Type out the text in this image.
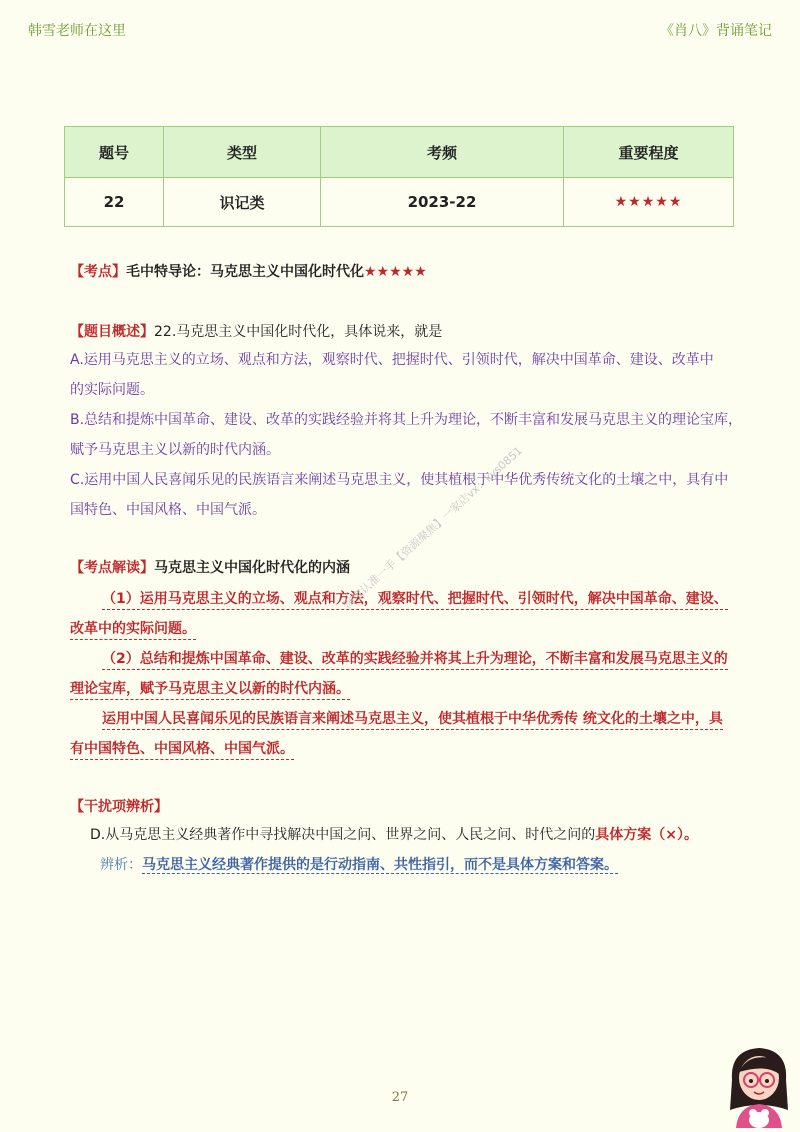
韩雪老师在这里	《肖八》背诵笔记
题号	类型	考频	重要程度
22	识记类	2023-22	★★★★★
【考点】毛中特导论：马克思主义中国化时代化★★★★★
【题目概述】22.马克思主义中国化时代化，具体说来，就是
A.运用马克思主义的立场、观点和方法，观察时代、把握时代、引领时代，解决中国革命、建设、改革中
的实际问题。
B.总结和提炼中国革命、建设、改革的实践经验并将其上升为理论，不断丰富和发展马克思主义的理论宝库，
赋予马克思主义以新的时代内涵。
C.运用中国人民喜闻乐见的民族语言来阐述马克思主义，使其植根于中华优秀传统文化的土壤之中，具有中
国特色、中国风格、中国气派。
【考点解读】马克思主义中国化时代化的内涵
（1）运用马克思主义的立场、观点和方法，观察时代、把握时代、引领时代，解决中国革命、建设、改革中的实际问题。
（2）总结和提炼中国革命、建设、改革的实践经验并将其上升为理论，不断丰富和发展马克思主义的理论宝库，赋予马克思主义以新的时代内涵。
运用中国人民喜闻乐见的民族语言来阐述马克思主义，使其植根于中华优秀传 统文化的土壤之中，具有中国特色、中国风格、中国气派。
【干扰项辨析】
D.从马克思主义经典著作中寻找解决中国之问、世界之问、人民之问、时代之问的具体方案（×）。
辨析：马克思主义经典著作提供的是行动指南、共性指引，而不是具体方案和答案。
淘宝认准一手【资源聚焦】一家店vx：kys0851
27
